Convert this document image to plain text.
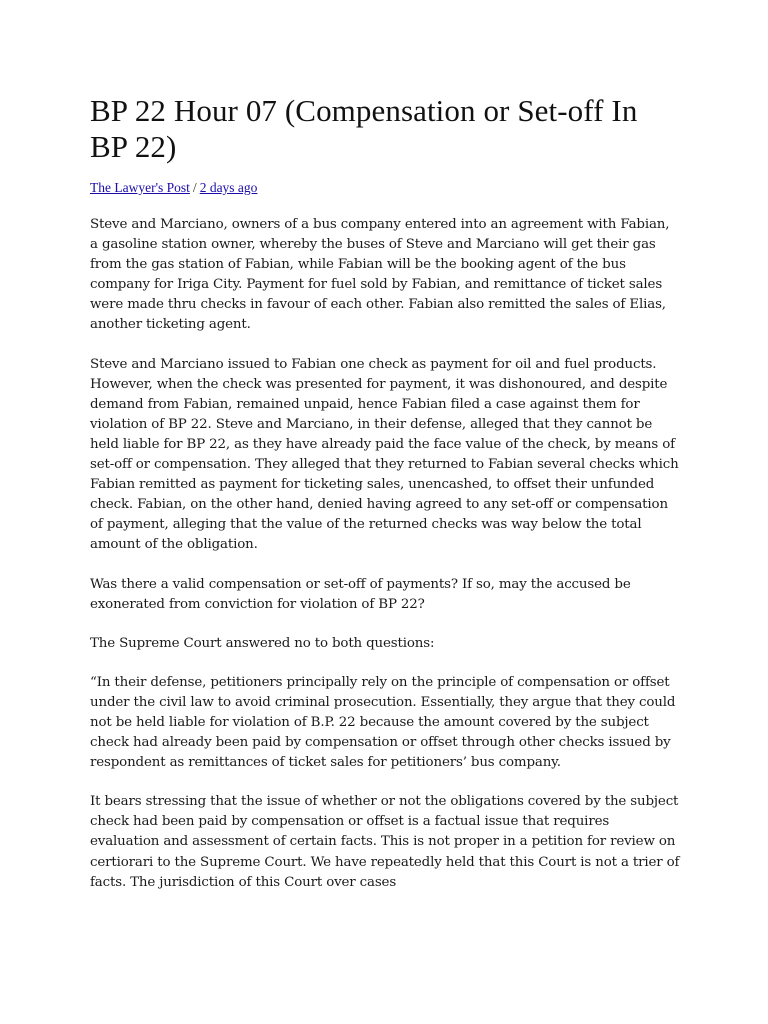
BP 22 Hour 07 (Compensation or Set-off In BP 22)
The Lawyer's Post / 2 days ago

Steve and Marciano, owners of a bus company entered into an agreement with Fabian, a gasoline station owner, whereby the buses of Steve and Marciano will get their gas from the gas station of Fabian, while Fabian will be the booking agent of the bus company for Iriga City. Payment for fuel sold by Fabian, and remittance of ticket sales were made thru checks in favour of each other. Fabian also remitted the sales of Elias, another ticketing agent.

Steve and Marciano issued to Fabian one check as payment for oil and fuel products. However, when the check was presented for payment, it was dishonoured, and despite demand from Fabian, remained unpaid, hence Fabian filed a case against them for violation of BP 22. Steve and Marciano, in their defense, alleged that they cannot be held liable for BP 22, as they have already paid the face value of the check, by means of set-off or compensation. They alleged that they returned to Fabian several checks which Fabian remitted as payment for ticketing sales, unencashed, to offset their unfunded check. Fabian, on the other hand, denied having agreed to any set-off or compensation of payment, alleging that the value of the returned checks was way below the total amount of the obligation.

Was there a valid compensation or set-off of payments? If so, may the accused be exonerated from conviction for violation of BP 22?

The Supreme Court answered no to both questions:

“In their defense, petitioners principally rely on the principle of compensation or offset under the civil law to avoid criminal prosecution. Essentially, they argue that they could not be held liable for violation of B.P. 22 because the amount covered by the subject check had already been paid by compensation or offset through other checks issued by respondent as remittances of ticket sales for petitioners’ bus company.

It bears stressing that the issue of whether or not the obligations covered by the subject check had been paid by compensation or offset is a factual issue that requires evaluation and assessment of certain facts. This is not proper in a petition for review on certiorari to the Supreme Court. We have repeatedly held that this Court is not a trier of facts. The jurisdiction of this Court over cases
